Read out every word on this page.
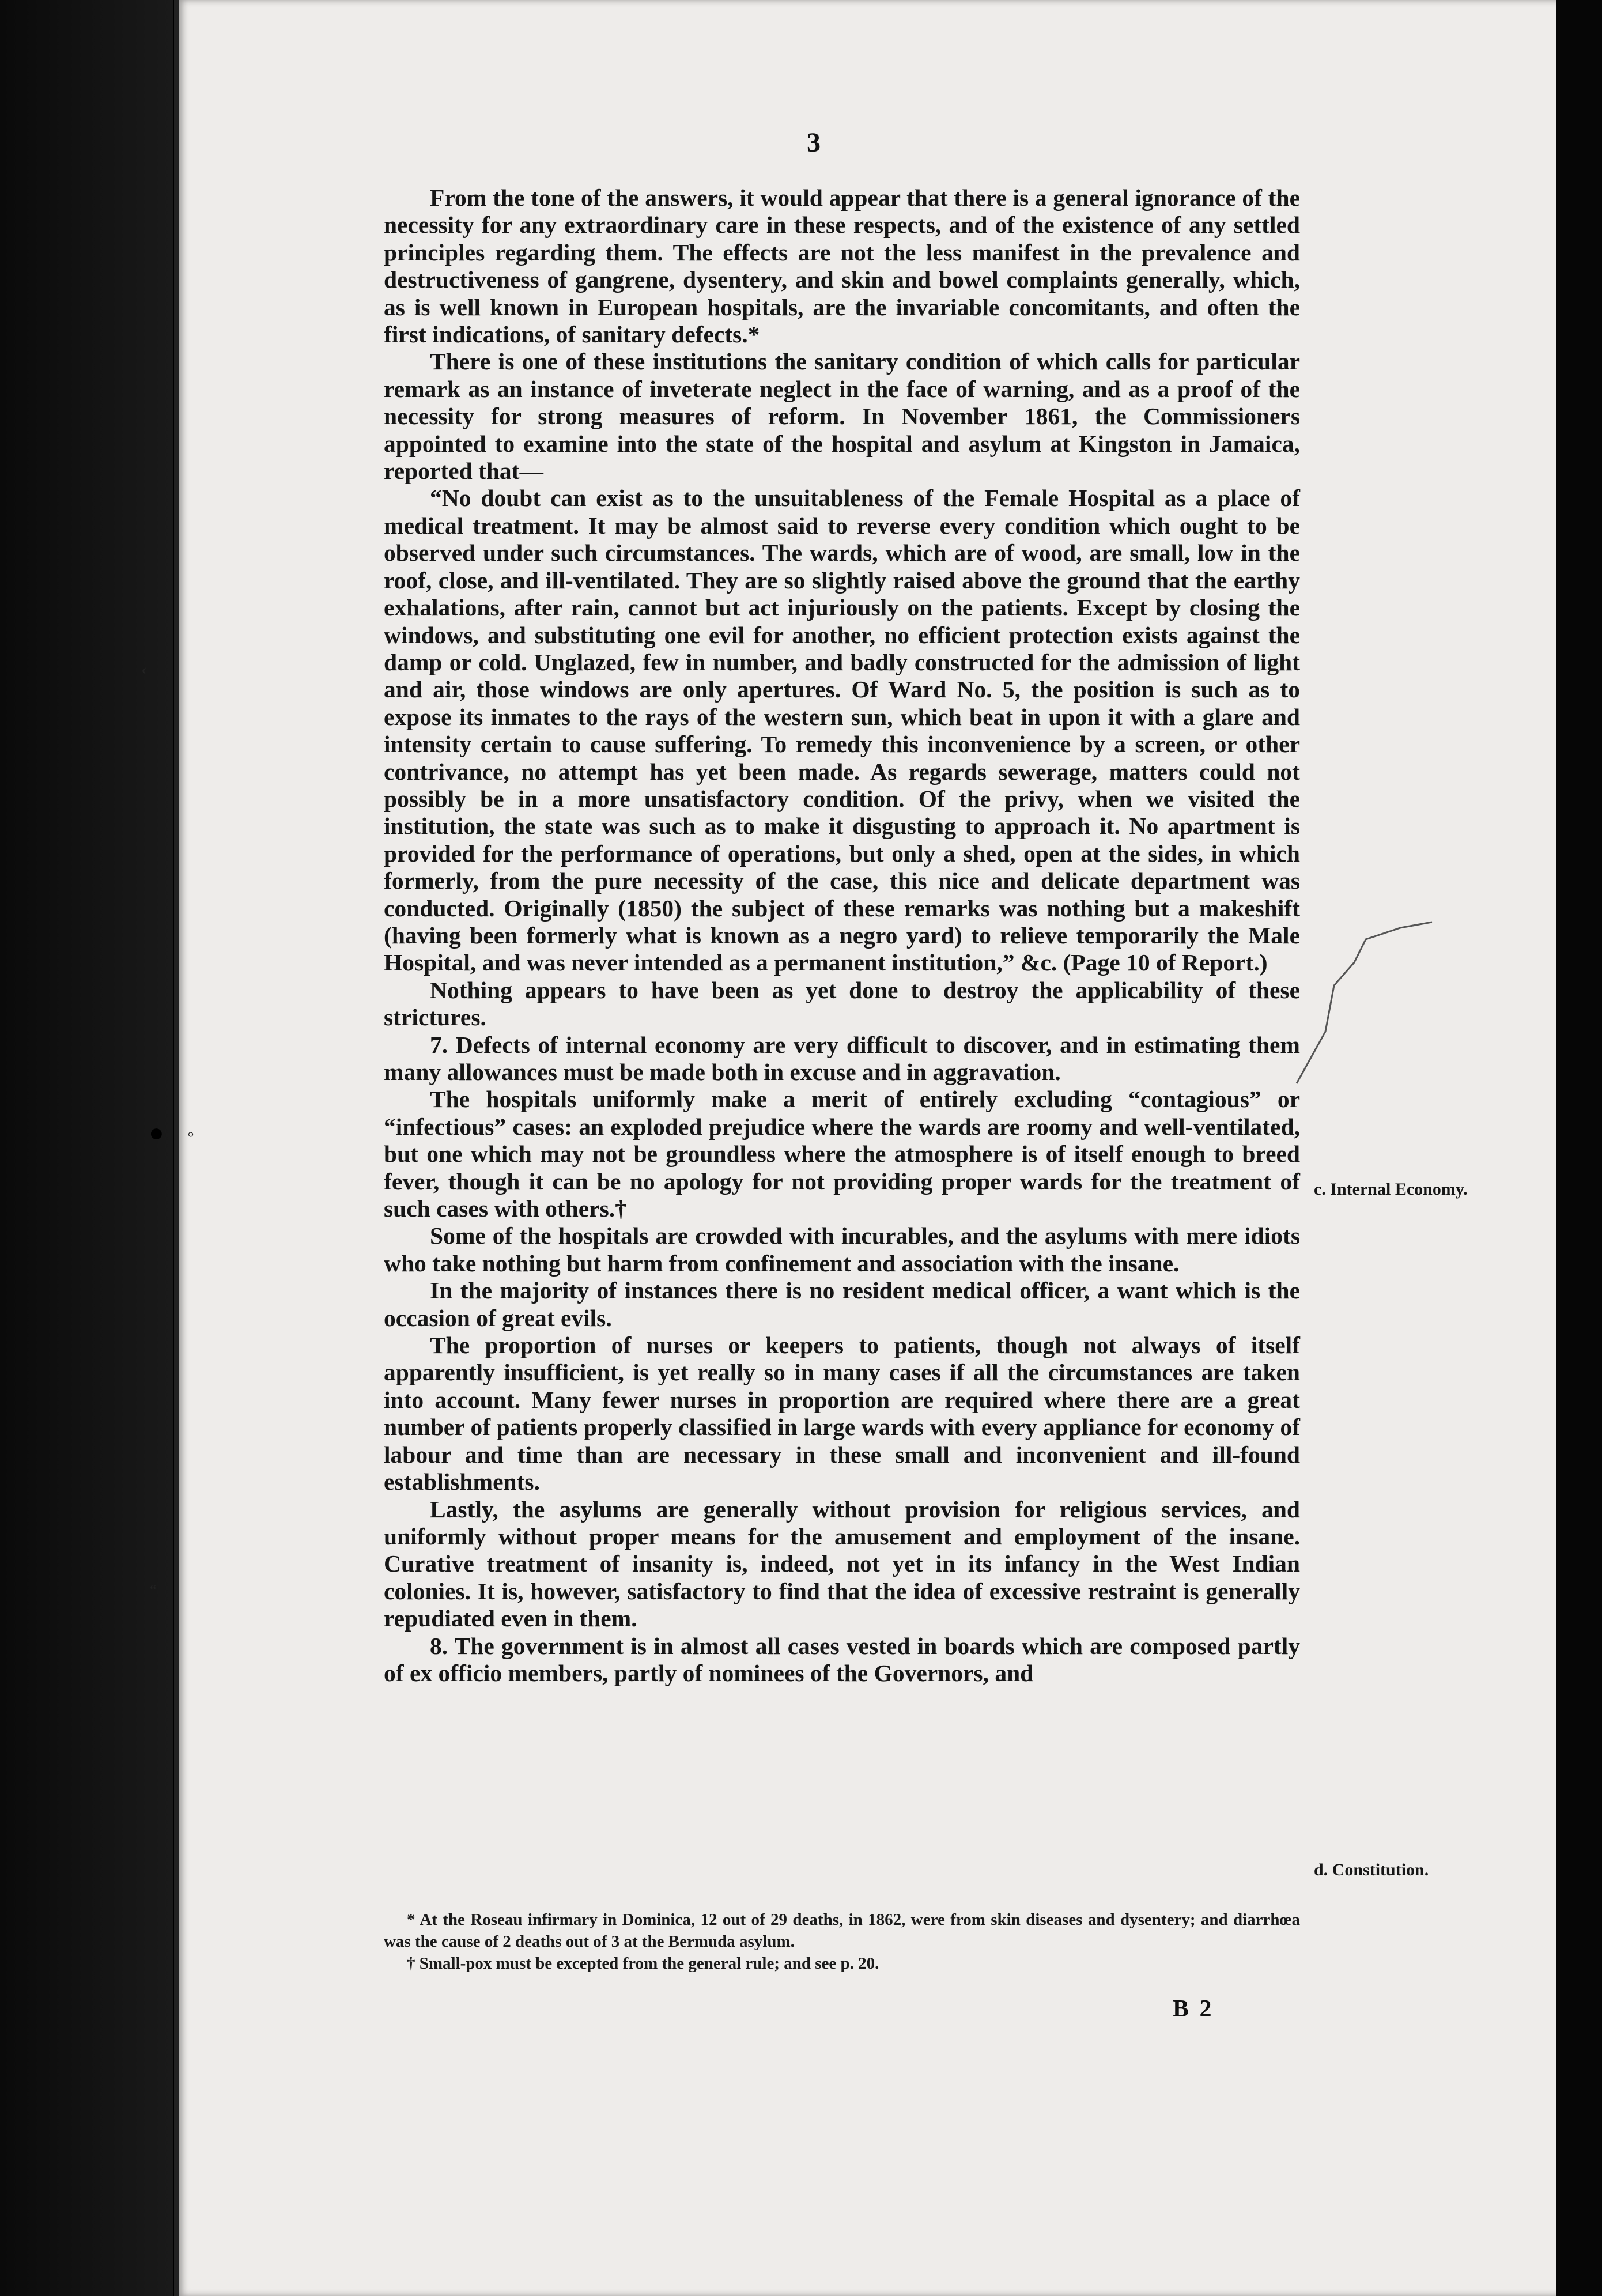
‹
● ◦
“
3

From the tone of the answers, it would appear that there is a general ignorance of the necessity for any extraordinary care in these respects, and of the existence of any settled principles regarding them. The effects are not the less manifest in the prevalence and destructiveness of gangrene, dysentery, and skin and bowel complaints generally, which, as is well known in European hospitals, are the invariable concomitants, and often the first indications, of sanitary defects.*

There is one of these institutions the sanitary condition of which calls for particular remark as an instance of inveterate neglect in the face of warning, and as a proof of the necessity for strong measures of reform. In November 1861, the Commissioners appointed to examine into the state of the hospital and asylum at Kingston in Jamaica, reported that—

“No doubt can exist as to the unsuitableness of the Female Hospital as a place of medical treatment. It may be almost said to reverse every condition which ought to be observed under such circumstances. The wards, which are of wood, are small, low in the roof, close, and ill-ventilated. They are so slightly raised above the ground that the earthy exhalations, after rain, cannot but act injuriously on the patients. Except by closing the windows, and substituting one evil for another, no efficient protection exists against the damp or cold. Unglazed, few in number, and badly constructed for the admission of light and air, those windows are only apertures. Of Ward No. 5, the position is such as to expose its inmates to the rays of the western sun, which beat in upon it with a glare and intensity certain to cause suffering. To remedy this inconvenience by a screen, or other contrivance, no attempt has yet been made. As regards sewerage, matters could not possibly be in a more unsatisfactory condition. Of the privy, when we visited the institution, the state was such as to make it disgusting to approach it. No apartment is provided for the performance of operations, but only a shed, open at the sides, in which formerly, from the pure necessity of the case, this nice and delicate department was conducted. Originally (1850) the subject of these remarks was nothing but a makeshift (having been formerly what is known as a negro yard) to relieve temporarily the Male Hospital, and was never intended as a permanent institution,” &c. (Page 10 of Report.)

Nothing appears to have been as yet done to destroy the applicability of these strictures.

7. Defects of internal economy are very difficult to discover, and in estimating them many allowances must be made both in excuse and in aggravation.

The hospitals uniformly make a merit of entirely excluding “contagious” or “infectious” cases: an exploded prejudice where the wards are roomy and well-ventilated, but one which may not be groundless where the atmosphere is of itself enough to breed fever, though it can be no apology for not providing proper wards for the treatment of such cases with others.†

Some of the hospitals are crowded with incurables, and the asylums with mere idiots who take nothing but harm from confinement and association with the insane.

In the majority of instances there is no resident medical officer, a want which is the occasion of great evils.

The proportion of nurses or keepers to patients, though not always of itself apparently insufficient, is yet really so in many cases if all the circumstances are taken into account. Many fewer nurses in proportion are required where there are a great number of patients properly classified in large wards with every appliance for economy of labour and time than are necessary in these small and inconvenient and ill-found establishments.

Lastly, the asylums are generally without provision for religious services, and uniformly without proper means for the amusement and employment of the insane. Curative treatment of insanity is, indeed, not yet in its infancy in the West Indian colonies. It is, however, satisfactory to find that the idea of excessive restraint is generally repudiated even in them.

8. The government is in almost all cases vested in boards which are composed partly of ex officio members, partly of nominees of the Governors, and

c. Internal Economy.
d. Constitution.

* At the Roseau infirmary in Dominica, 12 out of 29 deaths, in 1862, were from skin diseases and dysentery; and diarrhœa was the cause of 2 deaths out of 3 at the Bermuda asylum.

† Small-pox must be excepted from the general rule; and see p. 20.

B 2
